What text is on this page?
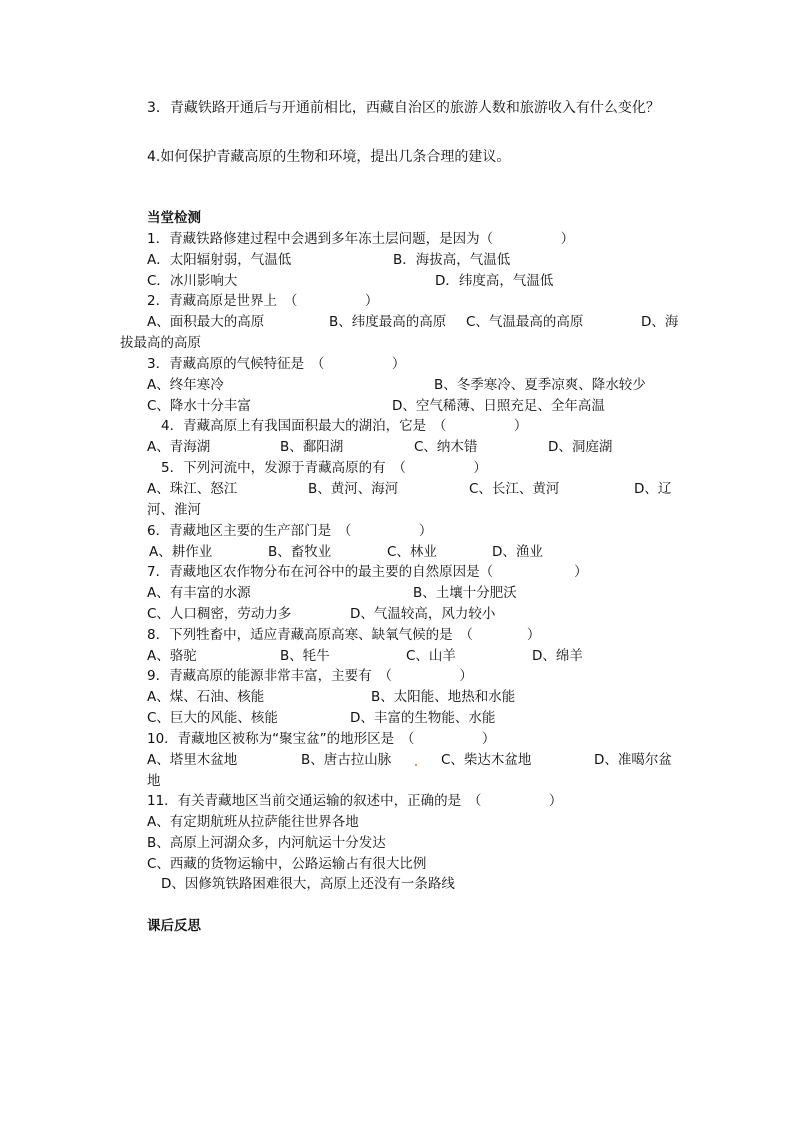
3．青藏铁路开通后与开通前相比，西藏自治区的旅游人数和旅游收入有什么变化？
4.如何保护青藏高原的生物和环境，提出几条合理的建议。
当堂检测
1．青藏铁路修建过程中会遇到多年冻土层问题，是因为（　　　　　）
A．太阳辐射弱，气温低	B．海拔高，气温低
C．冰川影响大	D．纬度高，气温低
2．青藏高原是世界上　（　　　　　）
A、面积最大的高原	B、纬度最高的高原 C、气温最高的高原	D、海
拔最高的高原
3．青藏高原的气候特征是　（　　　　　）
A、终年寒冷	B、冬季寒冷、夏季凉爽、降水较少
C、降水十分丰富	D、空气稀薄、日照充足、全年高温
4．青藏高原上有我国面积最大的湖泊，它是　（　　　　　）
A、青海湖	B、鄱阳湖	C、纳木错	D、洞庭湖
5．下列河流中，发源于青藏高原的有　（　　　　　）
A、珠江、怒江	B、黄河、海河	C、长江、黄河	D、辽
河、淮河
6．青藏地区主要的生产部门是　（　　　　　）
A、耕作业	B、畜牧业	C、林业	D、渔业
7．青藏地区农作物分布在河谷中的最主要的自然原因是（　　　　　　）
A、有丰富的水源	B、土壤十分肥沃
C、人口稠密，劳动力多	D、气温较高，风力较小
8．下列牲畜中，适应青藏高原高寒、缺氧气候的是　（　　　　）
A、骆驼	B、牦牛	C、山羊	D、绵羊
9．青藏高原的能源非常丰富，主要有　（　　　　　）
A、煤、石油、核能	B、太阳能、地热和水能
C、巨大的风能、核能	D、丰富的生物能、水能
10．青藏地区被称为“聚宝盆”的地形区是　（　　　　　）
A、塔里木盆地	B、唐古拉山脉	C、柴达木盆地	D、准噶尔盆
地
11．有关青藏地区当前交通运输的叙述中，正确的是　（　　　　　）
A、有定期航班从拉萨能往世界各地
B、高原上河湖众多，内河航运十分发达
C、西藏的货物运输中，公路运输占有很大比例
D、因修筑铁路困难很大，高原上还没有一条路线
课后反思
